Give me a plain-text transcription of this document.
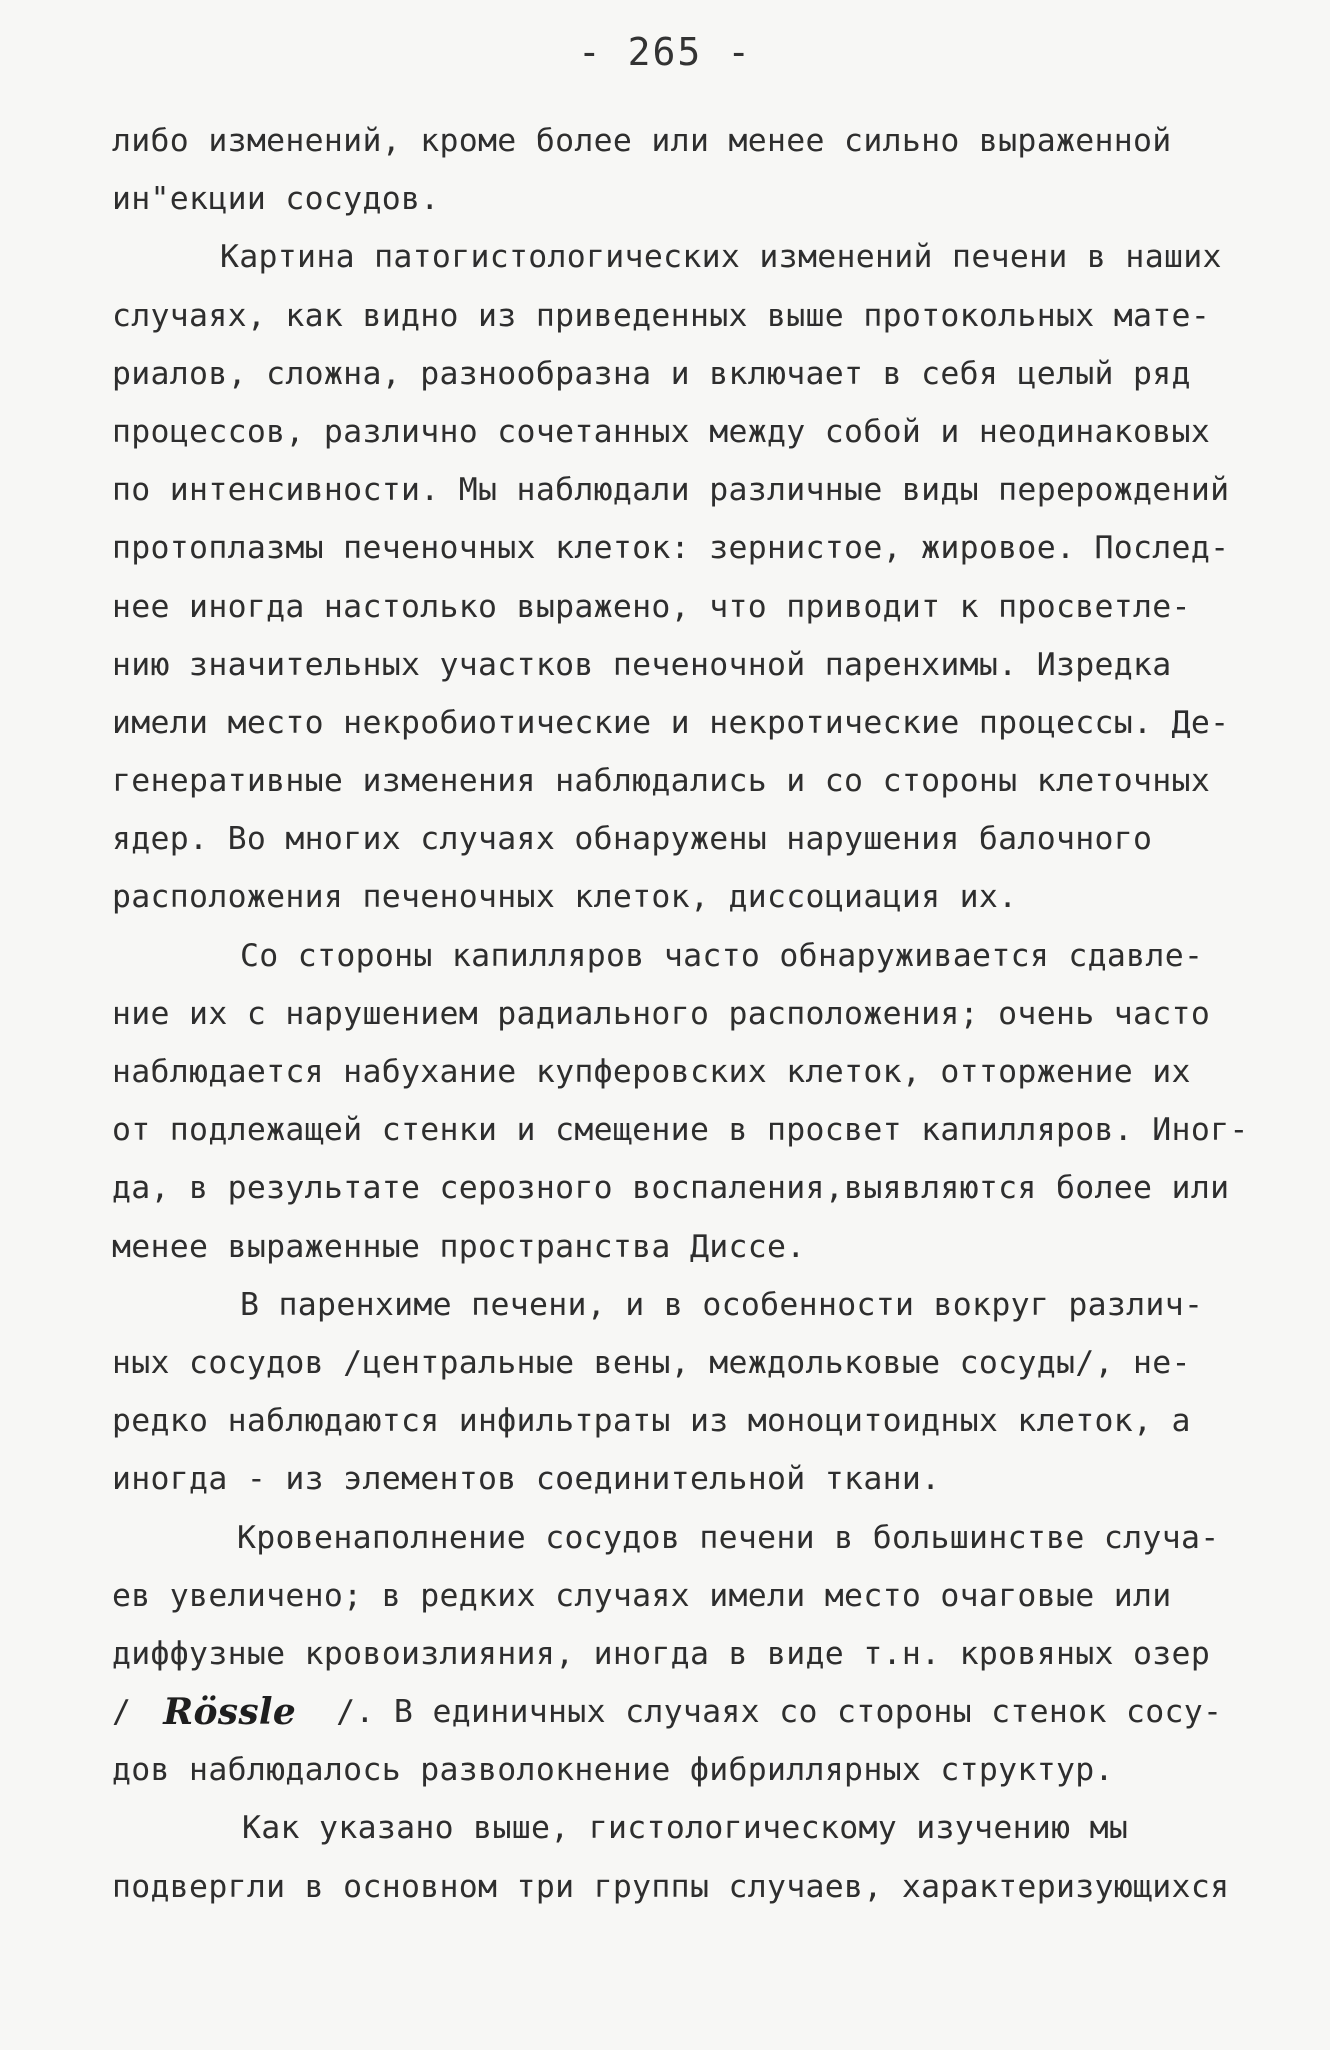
- 265 -
либо изменений, кроме более или менее сильно выраженной
ин"екции сосудов.
Картина патогистологических изменений печени в наших
случаях, как видно из приведенных выше протокольных мате-
риалов, сложна, разнообразна и включает в себя целый ряд
процессов, различно сочетанных между собой и неодинаковых
по интенсивности. Мы наблюдали различные виды перерождений
протоплазмы печеночных клеток: зернистое, жировое. Послед-
нее иногда настолько выражено, что приводит к просветле-
нию значительных участков печеночной паренхимы. Изредка
имели место некробиотические и некротические процессы. Де-
генеративные изменения наблюдались и со стороны клеточных
ядер. Во многих случаях обнаружены нарушения балочного
расположения печеночных клеток, диссоциация их.
Со стороны капилляров часто обнаруживается сдавле-
ние их с нарушением радиального расположения; очень часто
наблюдается набухание купферовских клеток, отторжение их
от подлежащей стенки и смещение в просвет капилляров. Иног-
да, в результате серозного воспаления,выявляются более или
менее выраженные пространства Диссе.
В паренхиме печени, и в особенности вокруг различ-
ных сосудов /центральные вены, междольковые сосуды/, не-
редко наблюдаются инфильтраты из моноцитоидных клеток, а
иногда - из элементов соединительной ткани.
Кровенаполнение сосудов печени в большинстве случа-
ев увеличено; в редких случаях имели место очаговые или
диффузные кровоизлияния, иногда в виде т.н. кровяных озер
/ Rössle /. В единичных случаях со стороны стенок сосу-
дов наблюдалось разволокнение фибриллярных структур.
Как указано выше, гистологическому изучению мы
подвергли в основном три группы случаев, характеризующихся
